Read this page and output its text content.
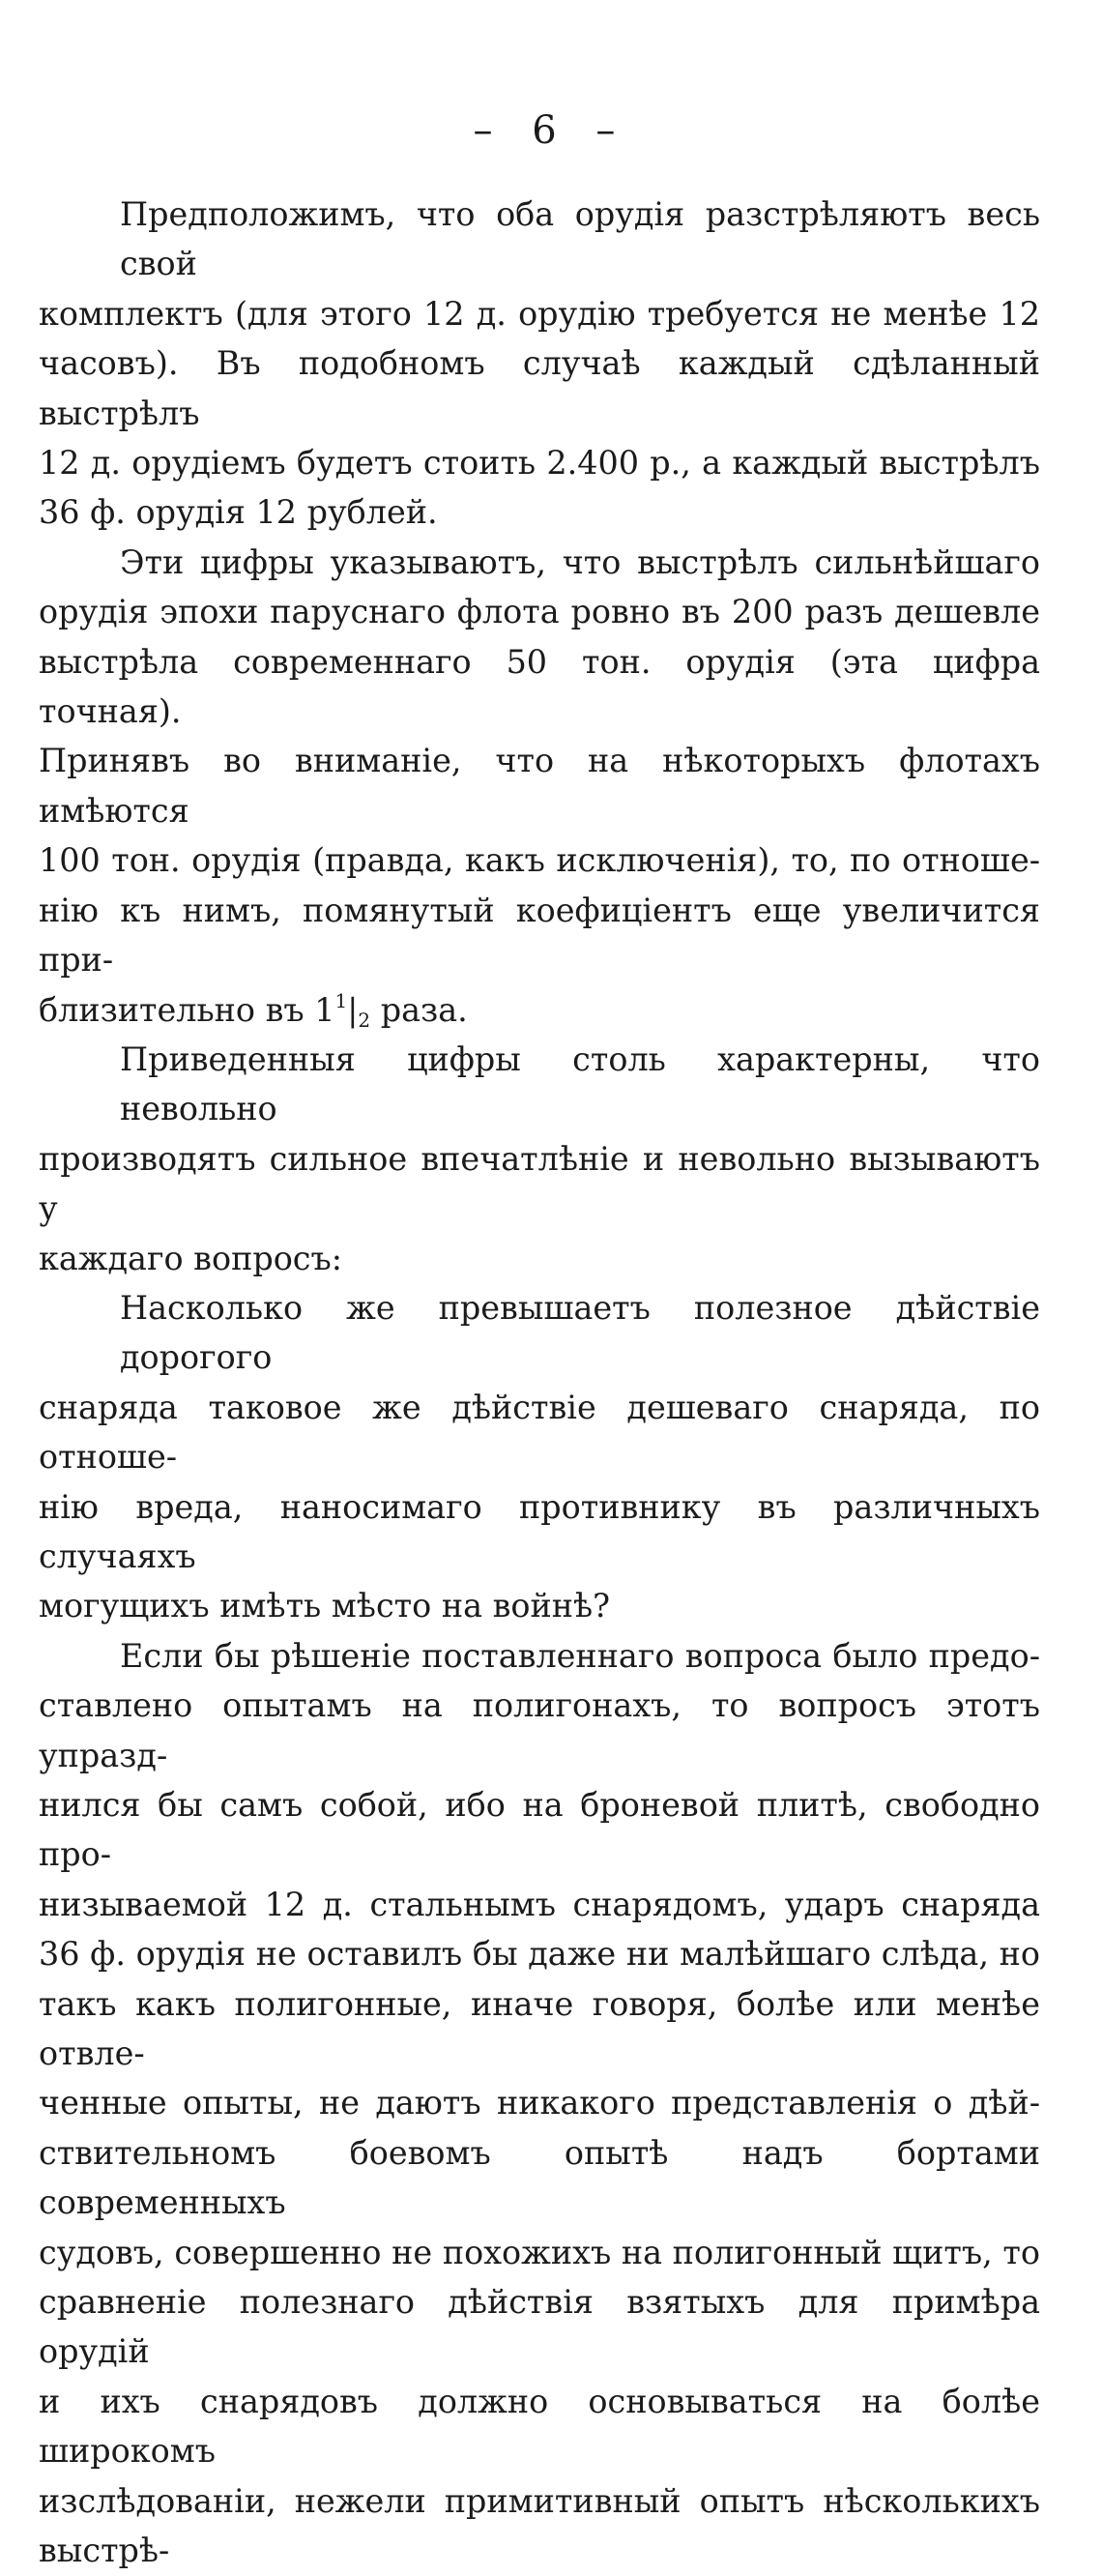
– 6 –
Предположимъ, что оба орудія разстрѣляютъ весь свой
комплектъ (для этого 12 д. орудію требуется не менѣе 12
часовъ). Въ подобномъ случаѣ каждый сдѣланный выстрѣлъ
12 д. орудіемъ будетъ стоить 2.400 р., а каждый выстрѣлъ
36 ф. орудія 12 рублей.
Эти цифры указываютъ, что выстрѣлъ сильнѣйшаго
орудія эпохи паруснаго флота ровно въ 200 разъ дешевле
выстрѣла современнаго 50 тон. орудія (эта цифра точная).
Принявъ во вниманіе, что на нѣкоторыхъ флотахъ имѣются
100 тон. орудія (правда, какъ исключенія), то, по отноше-
нію къ нимъ, помянутый коефиціентъ еще увеличится при-
близительно въ $1^1|_2$ раза.
Приведенныя цифры столь характерны, что невольно
производятъ сильное впечатлѣніе и невольно вызываютъ у
каждаго вопросъ:
Насколько же превышаетъ полезное дѣйствіе дорогого
снаряда таковое же дѣйствіе дешеваго снаряда, по отноше-
нію вреда, наносимаго противнику въ различныхъ случаяхъ
могущихъ имѣть мѣсто на войнѣ?
Если бы рѣшеніе поставленнаго вопроса было предо-
ставлено опытамъ на полигонахъ, то вопросъ этотъ упразд-
нился бы самъ собой, ибо на броневой плитѣ, свободно про-
низываемой 12 д. стальнымъ снарядомъ, ударъ снаряда
36 ф. орудія не оставилъ бы даже ни малѣйшаго слѣда, но
такъ какъ полигонные, иначе говоря, болѣе или менѣе отвле-
ченные опыты, не даютъ никакого представленія о дѣй-
ствительномъ боевомъ опытѣ надъ бортами современныхъ
судовъ, совершенно не похожихъ на полигонный щитъ, то
сравненіе полезнаго дѣйствія взятыхъ для примѣра орудій
и ихъ снарядовъ должно основываться на болѣе широкомъ
изслѣдованіи, нежели примитивный опытъ нѣсколькихъ выстрѣ-
